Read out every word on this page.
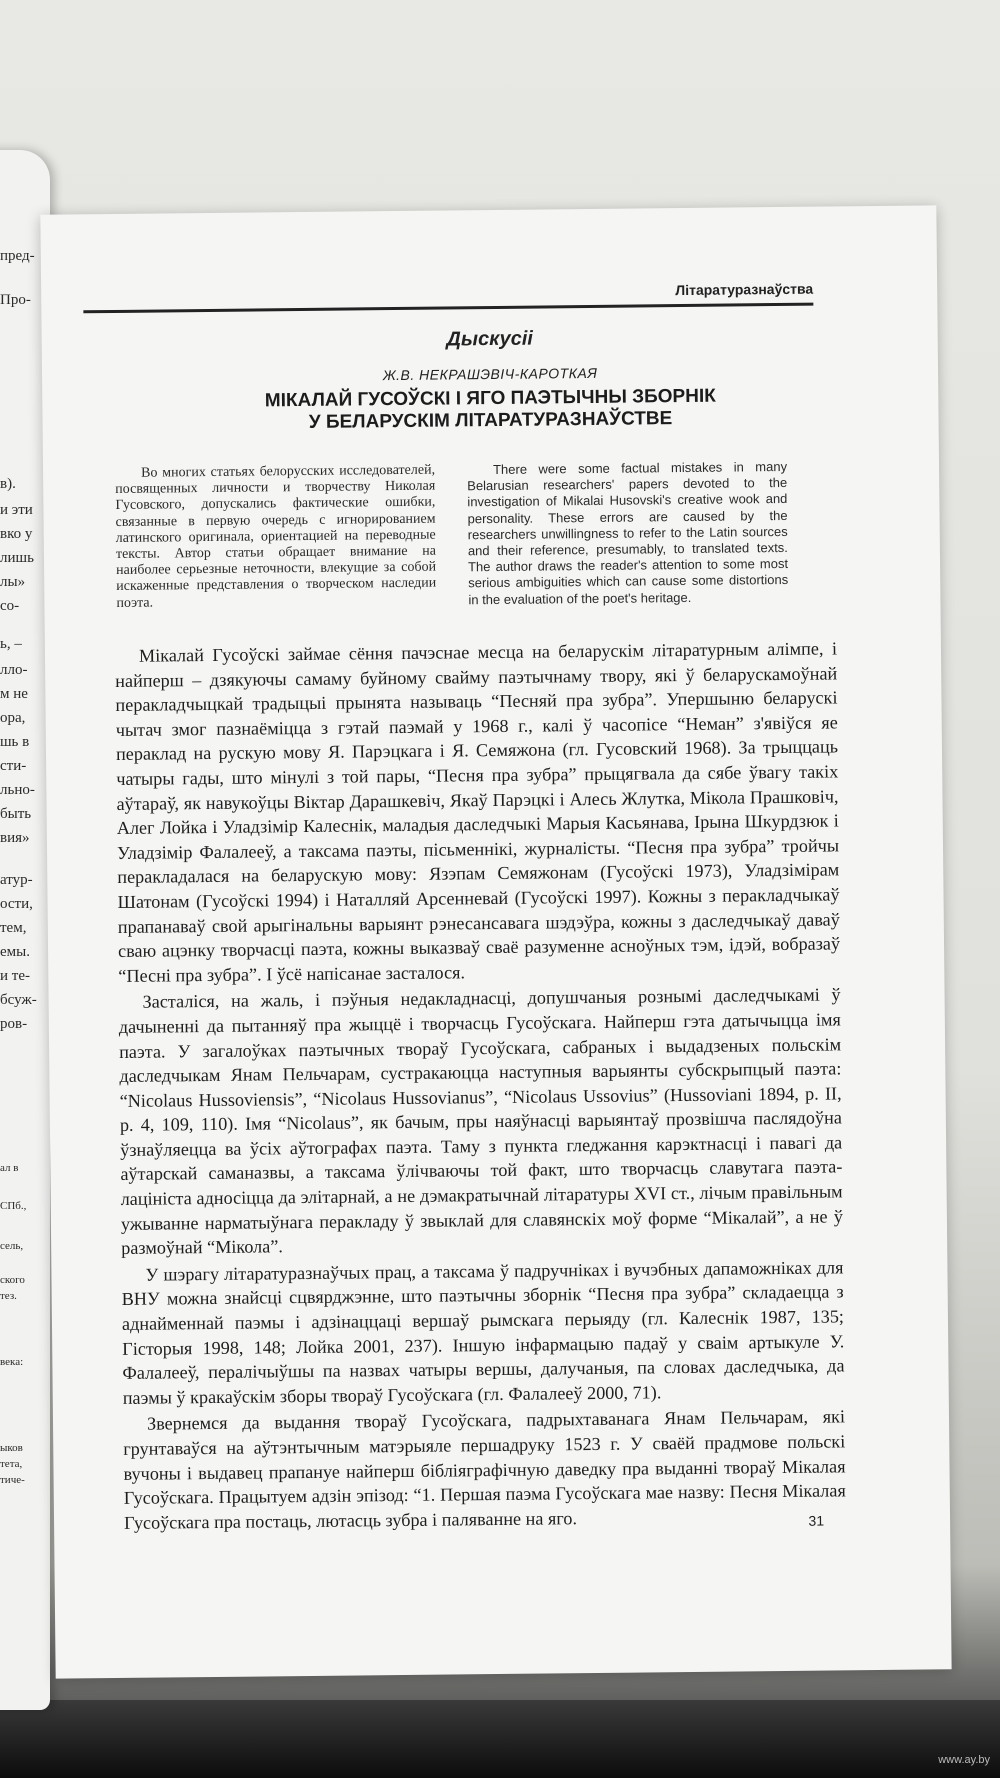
пред-
Про-
в).
и эти
вко у
лишь
лы»
со-
ь, –
лло-
м не
ора,
шь в
сти-
льно-
быть
вия»
атур-
ости,
тем,
емы.
и те-
бсуж-
ров-
ал в
СПб.,
сель,
ского
тез.
века:
ыков
тета,
тиче-
Літаратуразнаўства
Дыскусіі
Ж.В. НЕКРАШЭВІЧ-КАРОТКАЯ
МІКАЛАЙ ГУСОЎСКІ І ЯГО ПАЭТЫЧНЫ ЗБОРНІК
У БЕЛАРУСКІМ ЛІТАРАТУРАЗНАЎСТВЕ

Во многих статьях белорусских исследователей, посвященных личности и творчеству Николая Гусовского, допускались фактические ошибки, связанные в первую очередь с игнорированием латинского оригинала, ориентацией на переводные тексты. Автор статьи обращает внимание на наиболее серьезные неточности, влекущие за собой искаженные представления о творческом наследии поэта.

There were some factual mistakes in many Belarusian researchers' papers devoted to the investigation of Mikalai Husovski's creative wook and personality. These errors are caused by the researchers unwillingness to refer to the Latin sources and their reference, presumably, to translated texts. The author draws the reader's attention to some most serious ambiguities which can cause some distortions in the evaluation of the poet's heritage.

Мікалай Гусоўскі займае сёння пачэснае месца на беларускім літаратурным алімпе, і найперш – дзякуючы самаму буйному свайму паэтычнаму твору, які ў беларускамоўнай перакладчыцкай традыцыі прынята называць “Песняй пра зубра”. Упершыню беларускі чытач змог пазнаёміцца з гэтай паэмай у 1968 г., калі ў часопісе “Неман” з'явіўся яе пераклад на рускую мову Я. Парэцкага і Я. Семяжона (гл. Гусовский 1968). За трыццаць чатыры гады, што мінулі з той пары, “Песня пра зубра” прыцягвала да сябе ўвагу такіх аўтараў, як навукоўцы Віктар Дарашкевіч, Якаў Парэцкі і Алесь Жлутка, Мікола Прашковіч, Алег Лойка і Уладзімір Калеснік, маладыя даследчыкі Марыя Касьянава, Ірына Шкурдзюк і Уладзімір Фалалееў, а таксама паэты, пісьменнікі, журналісты. “Песня пра зубра” тройчы перакладалася на беларускую мову: Язэпам Семяжонам (Гусоўскі 1973), Уладзімірам Шатонам (Гусоўскі 1994) і Наталляй Арсенневай (Гусоўскі 1997). Кожны з перакладчыкаў прапанаваў свой арыгінальны варыянт рэнесансавага шэдэўра, кожны з даследчыкаў даваў сваю ацэнку творчасці паэта, кожны выказваў сваё разуменне асноўных тэм, ідэй, вобразаў “Песні пра зубра”. І ўсё напісанае засталося.

Засталіся, на жаль, і пэўныя недакладнасці, допушчаныя рознымі даследчыкамі ў дачыненні да пытанняў пра жыццё і творчасць Гусоўскага. Найперш гэта датычыцца імя паэта. У загалоўках паэтычных твораў Гусоўскага, сабраных і выдадзеных польскім даследчыкам Янам Пельчарам, сустракаюцца наступныя варыянты субскрыпцый паэта: “Nicolaus Hussoviensis”, “Nicolaus Hussovianus”, “Nicolaus Ussovius” (Hussoviani 1894, p. II, p. 4, 109, 110). Імя “Nicolaus”, як бачым, пры наяўнасці варыянтаў прозвішча паслядоўна ўзнаўляецца ва ўсіх аўтографах паэта. Таму з пункта гледжання карэктнасці і павагі да аўтарскай саманазвы, а таксама ўлічваючы той факт, што творчасць славутага паэта-лацініста адносіцца да элітарнай, а не дэмакратычнай літаратуры XVI ст., лічым правільным ужыванне нарматыўнага перакладу ў звыклай для славянскіх моў форме “Мікалай”, а не ў размоўнай “Мікола”.

У шэрагу літаратуразнаўчых прац, а таксама ў падручніках і вучэбных дапаможніках для ВНУ можна знайсці сцвярджэнне, што паэтычны зборнік “Песня пра зубра” складаецца з аднайменнай паэмы і адзінаццаці вершаў рымскага перыяду (гл. Калеснік 1987, 135; Гісторыя 1998, 148; Лойка 2001, 237). Іншую інфармацыю падаў у сваім артыкуле У. Фалалееў, пералічыўшы па назвах чатыры вершы, далучаныя, па словах даследчыка, да паэмы ў кракаўскім зборы твораў Гусоўскага (гл. Фалалееў 2000, 71).

Звернемся да выдання твораў Гусоўскага, падрыхтаванага Янам Пельчарам, які грунтаваўся на аўтэнтычным матэрыяле першадруку 1523 г. У сваёй прадмове польскі вучоны і выдавец прапануе найперш бібліяграфічную даведку пра выданні твораў Мікалая Гусоўскага. Працытуем адзін эпізод: “1. Першая паэма Гусоўскага мае назву: Песня Мікалая Гусоўскага пра постаць, лютасць зубра і паляванне на яго.	31
www.ay.by
